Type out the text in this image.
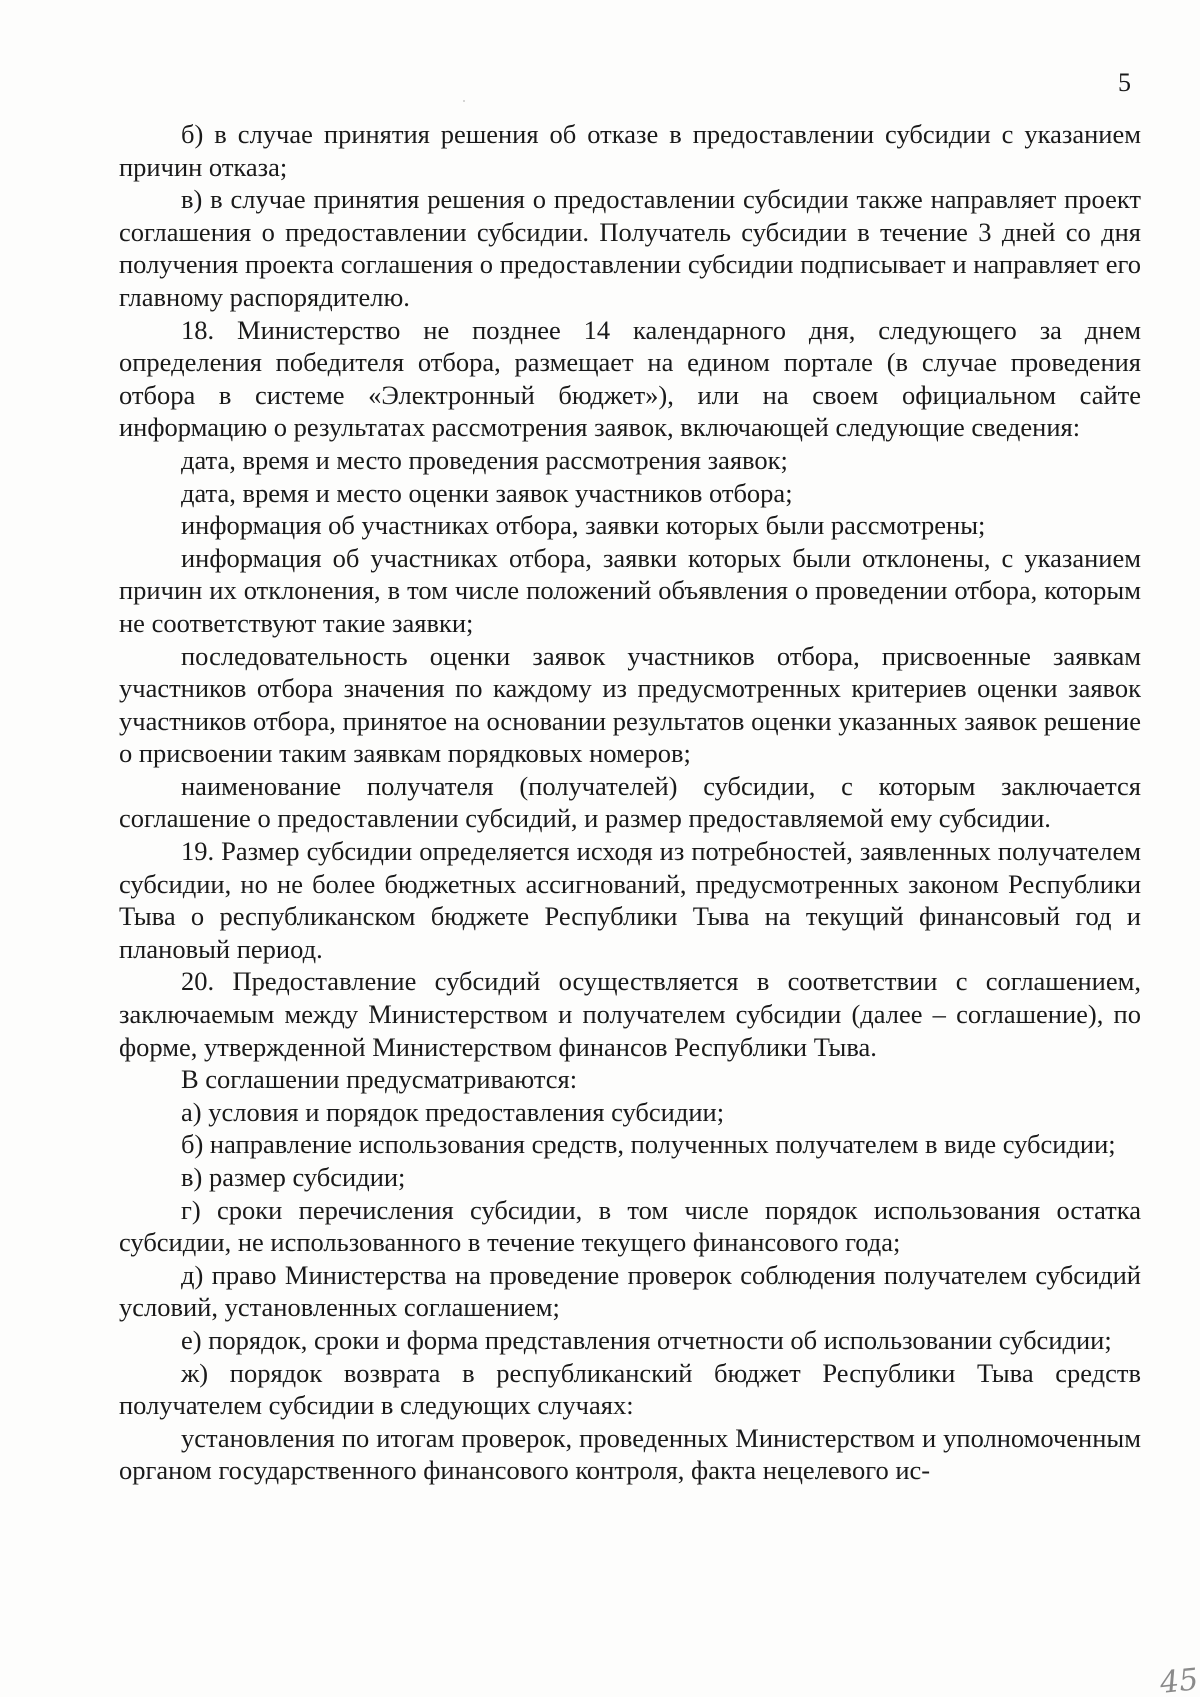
5

б) в случае принятия решения об отказе в предоставлении субсидии с указанием причин отказа;

в) в случае принятия решения о предоставлении субсидии также направляет проект соглашения о предоставлении субсидии. Получатель субсидии в течение 3 дней со дня получения проекта соглашения о предоставлении субсидии подписывает и направляет его главному распорядителю.

18. Министерство не позднее 14 календарного дня, следующего за днем определения победителя отбора, размещает на едином портале (в случае проведения отбора в системе «Электронный бюджет»), или на своем официальном сайте информацию о результатах рассмотрения заявок, включающей следующие сведения:

дата, время и место проведения рассмотрения заявок;

дата, время и место оценки заявок участников отбора;

информация об участниках отбора, заявки которых были рассмотрены;

информация об участниках отбора, заявки которых были отклонены, с указанием причин их отклонения, в том числе положений объявления о проведении отбора, которым не соответствуют такие заявки;

последовательность оценки заявок участников отбора, присвоенные заявкам участников отбора значения по каждому из предусмотренных критериев оценки заявок участников отбора, принятое на основании результатов оценки указанных заявок решение о присвоении таким заявкам порядковых номеров;

наименование получателя (получателей) субсидии, с которым заключается соглашение о предоставлении субсидий, и размер предоставляемой ему субсидии.

19. Размер субсидии определяется исходя из потребностей, заявленных получателем субсидии, но не более бюджетных ассигнований, предусмотренных законом Республики Тыва о республиканском бюджете Республики Тыва на текущий финансовый год и плановый период.

20. Предоставление субсидий осуществляется в соответствии с соглашением, заключаемым между Министерством и получателем субсидии (далее – соглашение), по форме, утвержденной Министерством финансов Республики Тыва.

В соглашении предусматриваются:

а) условия и порядок предоставления субсидии;

б) направление использования средств, полученных получателем в виде субсидии;

в) размер субсидии;

г) сроки перечисления субсидии, в том числе порядок использования остатка субсидии, не использованного в течение текущего финансового года;

д) право Министерства на проведение проверок соблюдения получателем субсидий условий, установленных соглашением;

е) порядок, сроки и форма представления отчетности об использовании субсидии;

ж) порядок возврата в республиканский бюджет Республики Тыва средств получателем субсидии в следующих случаях:

установления по итогам проверок, проведенных Министерством и уполномоченным органом государственного финансового контроля, факта нецелевого ис-

45
